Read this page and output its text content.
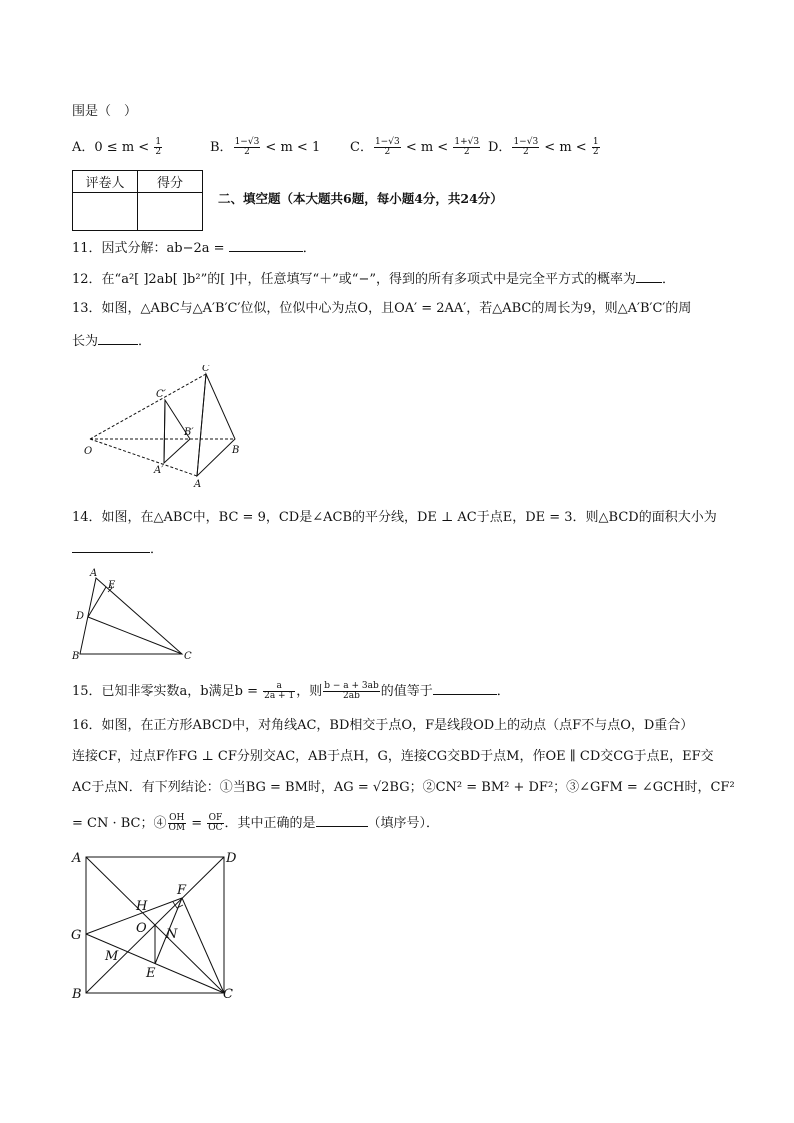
围是（　）
A．$0 \le m < \frac{1}{2}$	B． $\frac{1-√3}{2} < m < 1$ C． $\frac{1-√3}{2} < m < \frac{1+√3}{2}$ D． $\frac{1-√3}{2} < m < \frac{1}{2}$
评卷人	得分

二、填空题（本大题共6题，每小题4分，共24分）
11．因式分解：ab−2a =	．
12．在“a²[ ]2ab[ ]b²”的[ ]中，任意填写“＋”或“−”，得到的所有多项式中是完全平方式的概率为 ．
13．如图，△ABC与△A′B′C′位似，位似中心为点O，且OA′ = 2AA′，若△ABC的周长为9，则△A′B′C′的周
长为	．
C
C′
B′
O	B
A′
A
14．如图，在△ABC中，BC = 9，CD是∠ACB的平分线，DE ⊥ AC于点E，DE = 3．则△BCD的面积大小为
．
A
E
D
B	C
15．已知非零实数a，b满足$b = \frac{a}{2a + 1}$ ，则 $\frac{b - a + 3ab}{2ab}$ 的值等于	．
16．如图，在正方形ABCD中，对角线AC，BD相交于点O，F是线段OD上的动点（点F不与点O，D重合）
连接CF，过点F作FG ⊥ CF分别交AC，AB于点H，G，连接CG交BD于点M，作OE ∥ CD交CG于点E，EF交
AC于点N．有下列结论：①当BG = BM时，AG = √2BG；②CN² = BM² + DF²；③∠GFM = ∠GCH时，CF²
= CN · BC；④ $\frac{OH}{OM} = \frac{OF}{OC}$ ．其中正确的是	（填序号）．
A	D
H
F
O N
G
M
E
B	C
